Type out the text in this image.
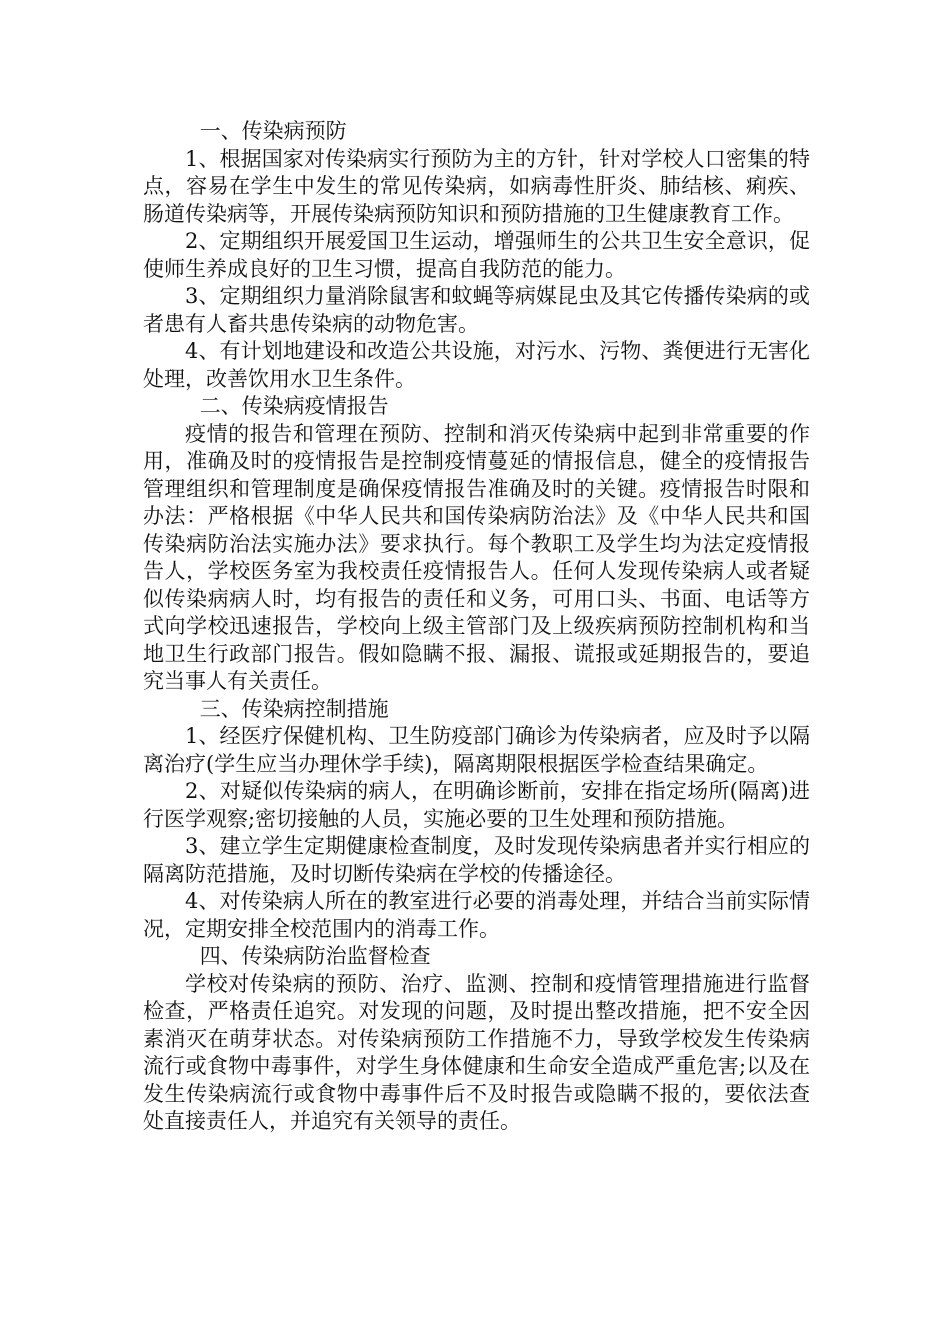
一、传染病预防

1、根据国家对传染病实行预防为主的方针，针对学校人口密集的特点，容易在学生中发生的常见传染病，如病毒性肝炎、肺结核、痢疾、肠道传染病等，开展传染病预防知识和预防措施的卫生健康教育工作。

2、定期组织开展爱国卫生运动，增强师生的公共卫生安全意识，促使师生养成良好的卫生习惯，提高自我防范的能力。

3、定期组织力量消除鼠害和蚊蝇等病媒昆虫及其它传播传染病的或者患有人畜共患传染病的动物危害。

4、有计划地建设和改造公共设施，对污水、污物、粪便进行无害化处理，改善饮用水卫生条件。

二、传染病疫情报告

疫情的报告和管理在预防、控制和消灭传染病中起到非常重要的作用，准确及时的疫情报告是控制疫情蔓延的情报信息，健全的疫情报告管理组织和管理制度是确保疫情报告准确及时的关键。疫情报告时限和办法：严格根据《中华人民共和国传染病防治法》及《中华人民共和国传染病防治法实施办法》要求执行。每个教职工及学生均为法定疫情报告人，学校医务室为我校责任疫情报告人。任何人发现传染病人或者疑似传染病病人时，均有报告的责任和义务，可用口头、书面、电话等方式向学校迅速报告，学校向上级主管部门及上级疾病预防控制机构和当地卫生行政部门报告。假如隐瞒不报、漏报、谎报或延期报告的，要追究当事人有关责任。

三、传染病控制措施

1、经医疗保健机构、卫生防疫部门确诊为传染病者，应及时予以隔离治疗(学生应当办理休学手续)，隔离期限根据医学检查结果确定。

2、对疑似传染病的病人，在明确诊断前，安排在指定场所(隔离)进行医学观察;密切接触的人员，实施必要的卫生处理和预防措施。

3、建立学生定期健康检查制度，及时发现传染病患者并实行相应的隔离防范措施，及时切断传染病在学校的传播途径。

4、对传染病人所在的教室进行必要的消毒处理，并结合当前实际情况，定期安排全校范围内的消毒工作。

四、传染病防治监督检查

学校对传染病的预防、治疗、监测、控制和疫情管理措施进行监督检查，严格责任追究。对发现的问题，及时提出整改措施，把不安全因素消灭在萌芽状态。对传染病预防工作措施不力，导致学校发生传染病流行或食物中毒事件，对学生身体健康和生命安全造成严重危害;以及在发生传染病流行或食物中毒事件后不及时报告或隐瞒不报的，要依法查处直接责任人，并追究有关领导的责任。
